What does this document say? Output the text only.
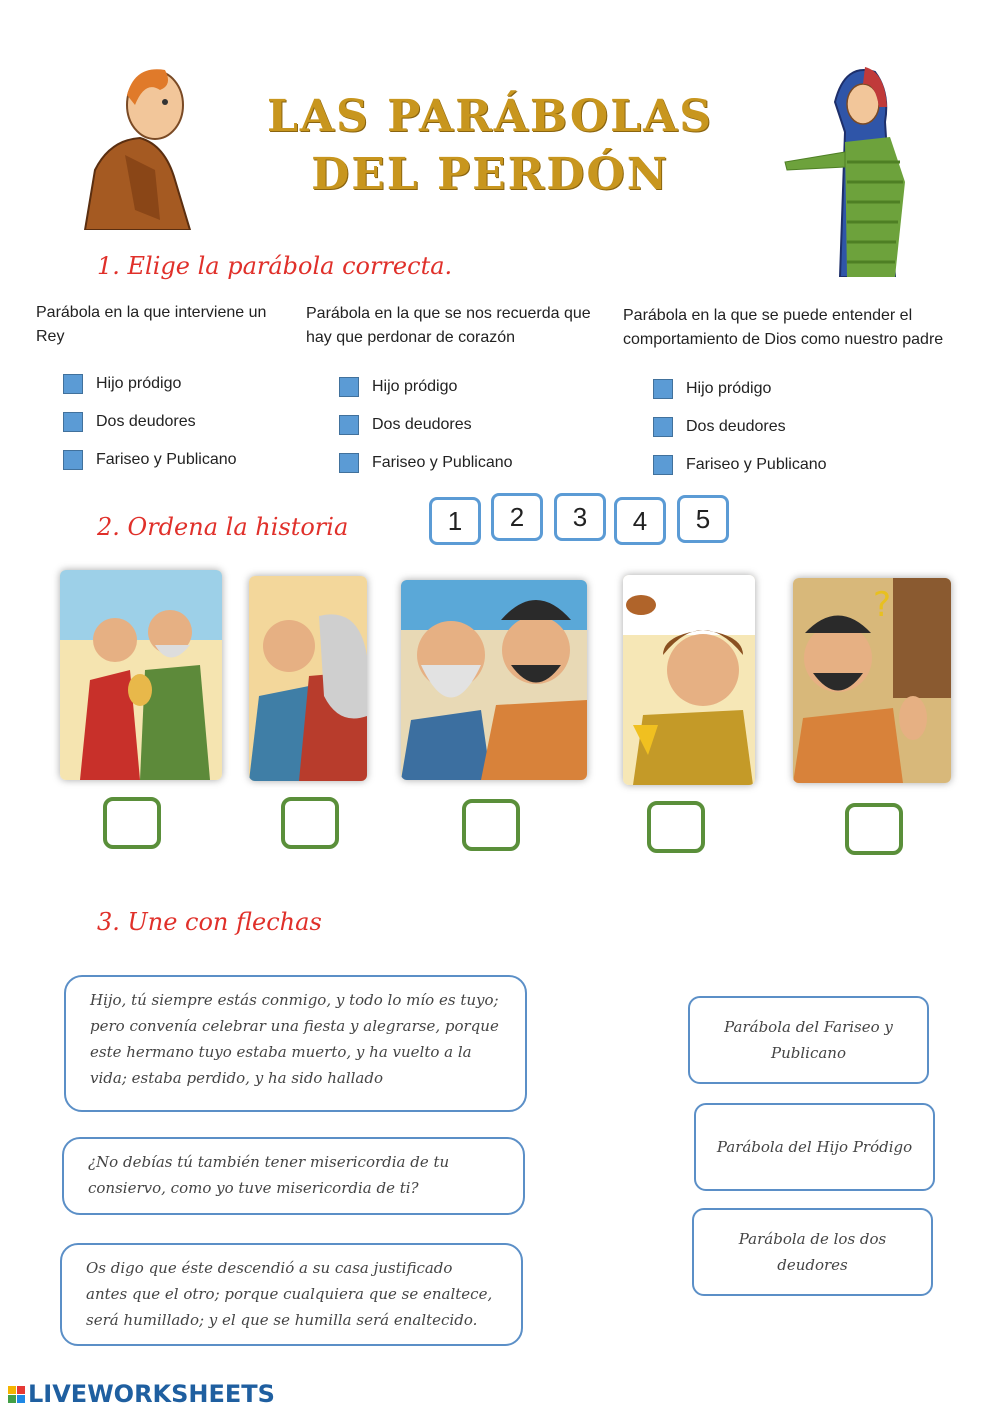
LAS PARÁBOLAS
DEL PERDÓN
1. Elige la parábola correcta.
Parábola en la que interviene un Rey
Hijo pródigo
Dos deudores
Fariseo y Publicano
Parábola en la que se nos recuerda que hay que perdonar de corazón
Hijo pródigo
Dos deudores
Fariseo y Publicano
Parábola en la que se puede entender el comportamiento de Dios como nuestro padre
Hijo pródigo
Dos deudores
Fariseo y Publicano
2. Ordena la historia	1	2	3	4	5
?
3. Une con flechas
Hijo, tú siempre estás conmigo, y todo lo mío es tuyo; pero convenía celebrar una fiesta y alegrarse, porque este hermano tuyo estaba muerto, y ha vuelto a la vida; estaba perdido, y ha sido hallado
¿No debías tú también tener misericordia de tu consiervo, como yo tuve misericordia de ti?
Os digo que éste descendió a su casa justificado antes que el otro; porque cualquiera que se enaltece, será humillado; y el que se humilla será enaltecido.
Parábola del Fariseo y Publicano
Parábola del Hijo Pródigo
Parábola de los dos deudores
LIVEWORKSHEETS
